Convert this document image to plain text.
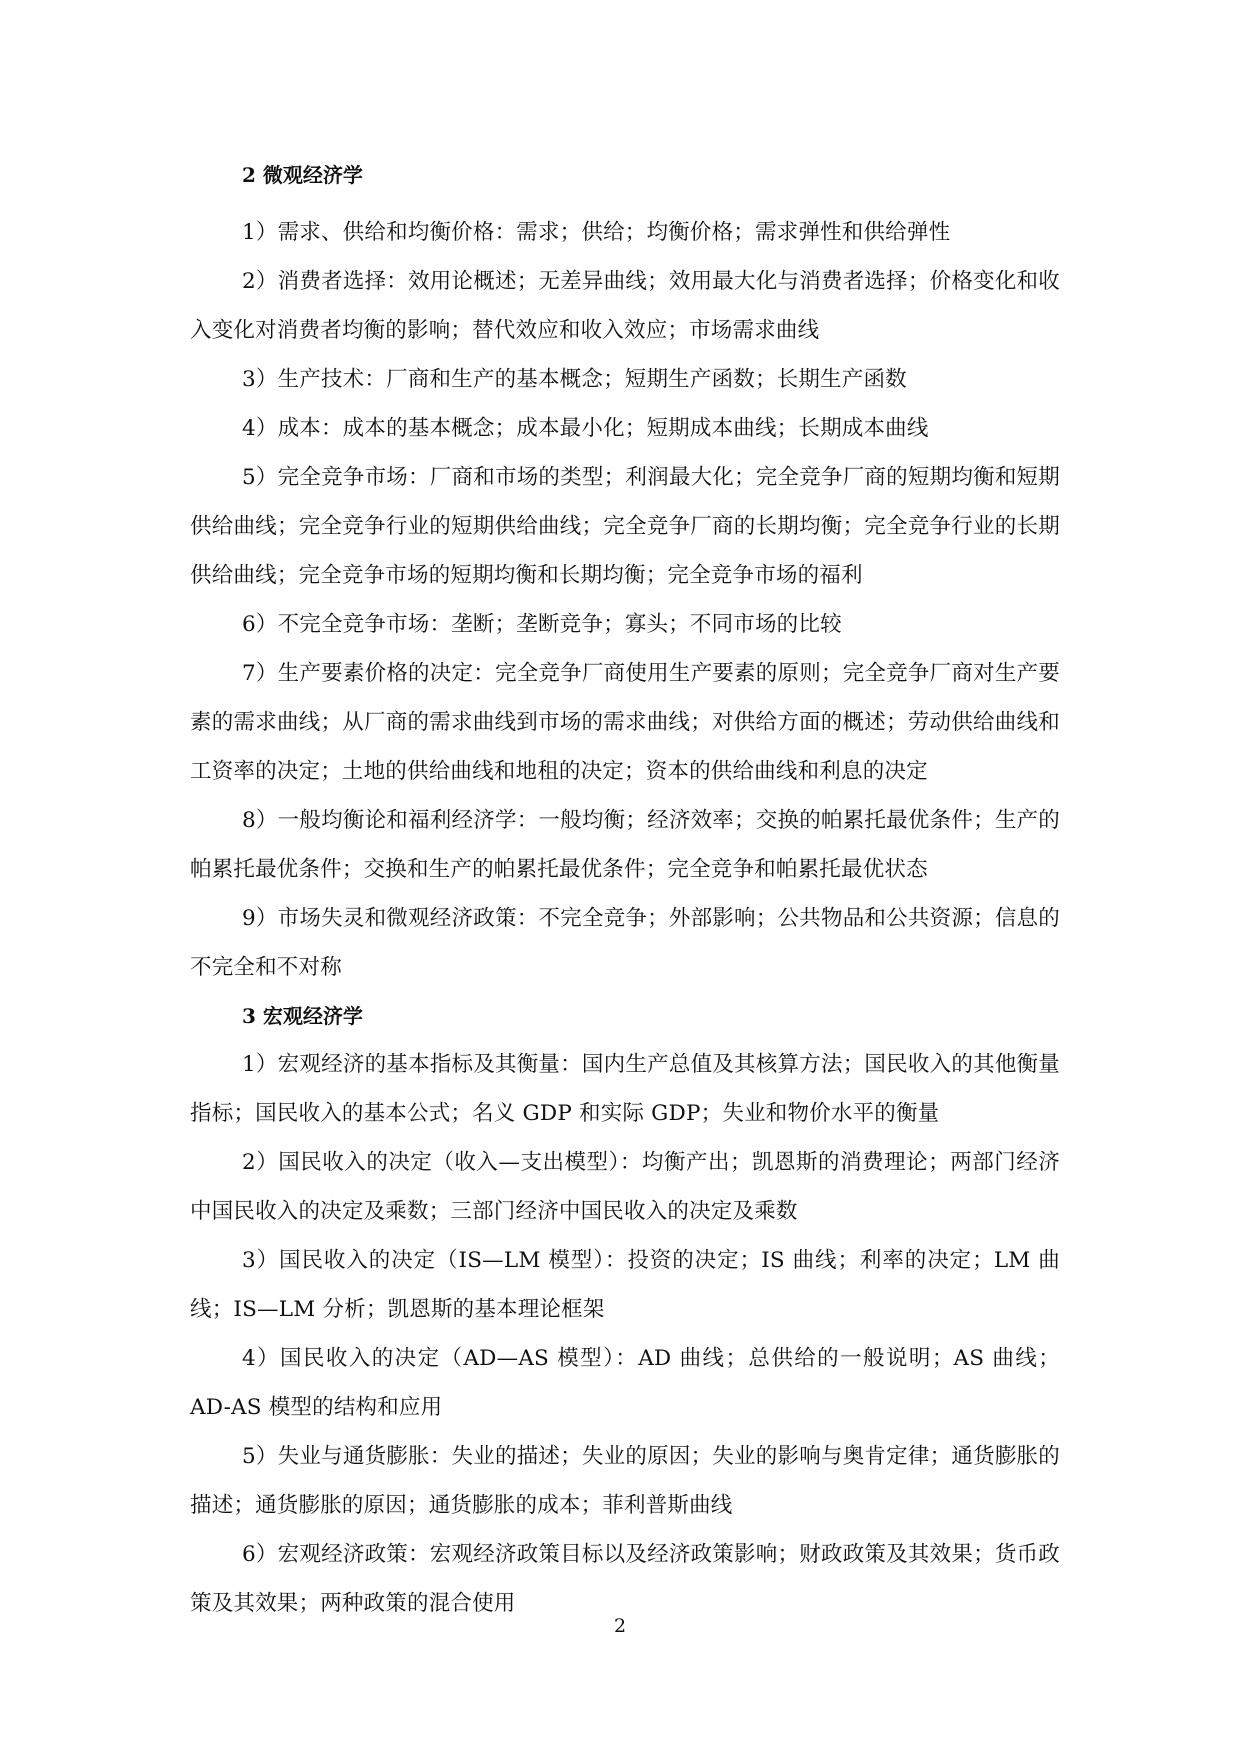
2 微观经济学

1）需求、供给和均衡价格：需求；供给；均衡价格；需求弹性和供给弹性

2）消费者选择：效用论概述；无差异曲线；效用最大化与消费者选择；价格变化和收入变化对消费者均衡的影响；替代效应和收入效应；市场需求曲线

3）生产技术：厂商和生产的基本概念；短期生产函数；长期生产函数

4）成本：成本的基本概念；成本最小化；短期成本曲线；长期成本曲线

5）完全竞争市场：厂商和市场的类型；利润最大化；完全竞争厂商的短期均衡和短期供给曲线；完全竞争行业的短期供给曲线；完全竞争厂商的长期均衡；完全竞争行业的长期供给曲线；完全竞争市场的短期均衡和长期均衡；完全竞争市场的福利

6）不完全竞争市场：垄断；垄断竞争；寡头；不同市场的比较

7）生产要素价格的决定：完全竞争厂商使用生产要素的原则；完全竞争厂商对生产要素的需求曲线；从厂商的需求曲线到市场的需求曲线；对供给方面的概述；劳动供给曲线和工资率的决定；土地的供给曲线和地租的决定；资本的供给曲线和利息的决定

8）一般均衡论和福利经济学：一般均衡；经济效率；交换的帕累托最优条件；生产的帕累托最优条件；交换和生产的帕累托最优条件；完全竞争和帕累托最优状态

9）市场失灵和微观经济政策：不完全竞争；外部影响；公共物品和公共资源；信息的不完全和不对称

3 宏观经济学

1）宏观经济的基本指标及其衡量：国内生产总值及其核算方法；国民收入的其他衡量指标；国民收入的基本公式；名义 GDP 和实际 GDP；失业和物价水平的衡量

2）国民收入的决定（收入—支出模型）：均衡产出；凯恩斯的消费理论；两部门经济中国民收入的决定及乘数；三部门经济中国民收入的决定及乘数

3）国民收入的决定（IS—LM 模型）：投资的决定；IS 曲线；利率的决定；LM 曲线；IS—LM 分析；凯恩斯的基本理论框架

4）国民收入的决定（AD—AS 模型）：AD 曲线；总供给的一般说明；AS 曲线；AD-AS 模型的结构和应用

5）失业与通货膨胀：失业的描述；失业的原因；失业的影响与奥肯定律；通货膨胀的描述；通货膨胀的原因；通货膨胀的成本；菲利普斯曲线

6）宏观经济政策：宏观经济政策目标以及经济政策影响；财政政策及其效果；货币政策及其效果；两种政策的混合使用

2
